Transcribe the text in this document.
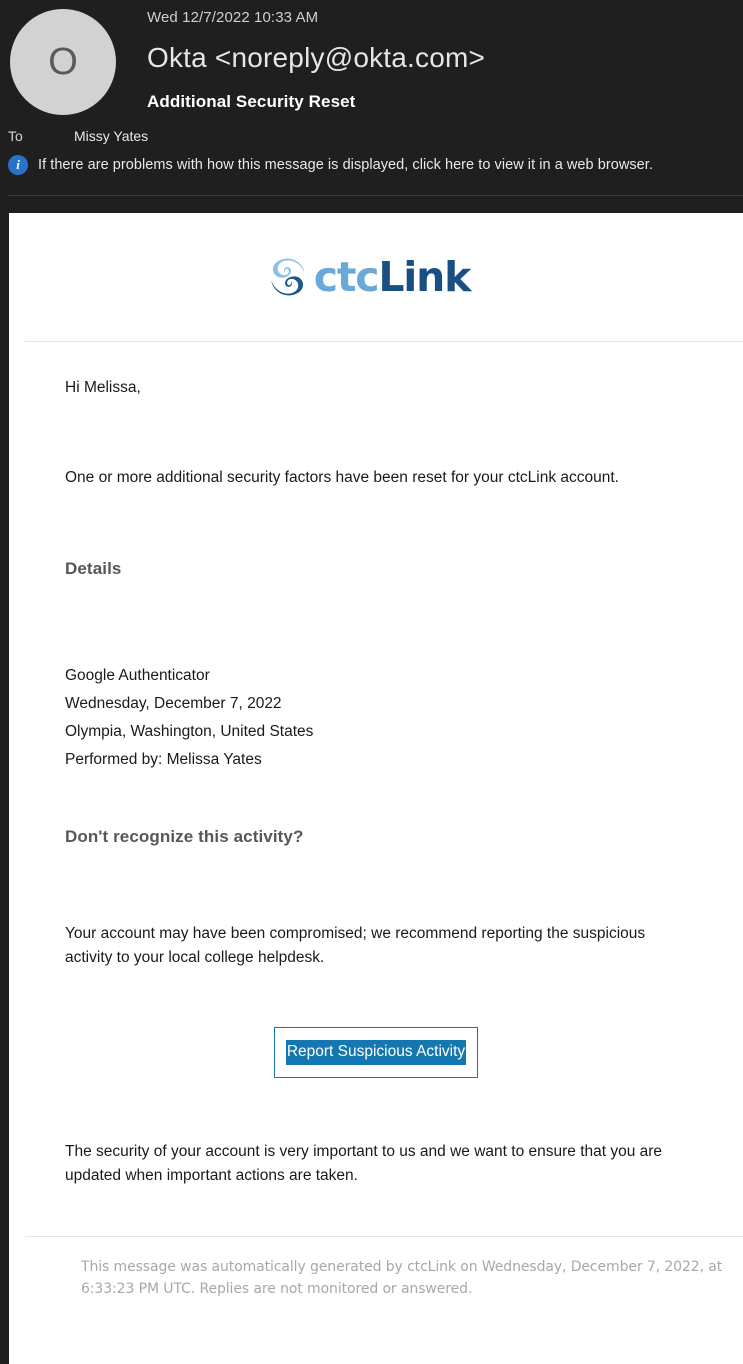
O
Wed 12/7/2022 10:33 AM
Okta <noreply@okta.com>
Additional Security Reset
To	Missy Yates
i	If there are problems with how this message is displayed, click here to view it in a web browser.
ctcLink
Hi Melissa,
One or more additional security factors have been reset for your ctcLink account.
Details
Google Authenticator
Wednesday, December 7, 2022
Olympia, Washington, United States
Performed by: Melissa Yates
Don't recognize this activity?
Your account may have been compromised; we recommend reporting the suspicious activity to your local college helpdesk.
Report Suspicious Activity
The security of your account is very important to us and we want to ensure that you are updated when important actions are taken.
This message was automatically generated by ctcLink on Wednesday, December 7, 2022, at 6:33:23 PM UTC. Replies are not monitored or answered.
